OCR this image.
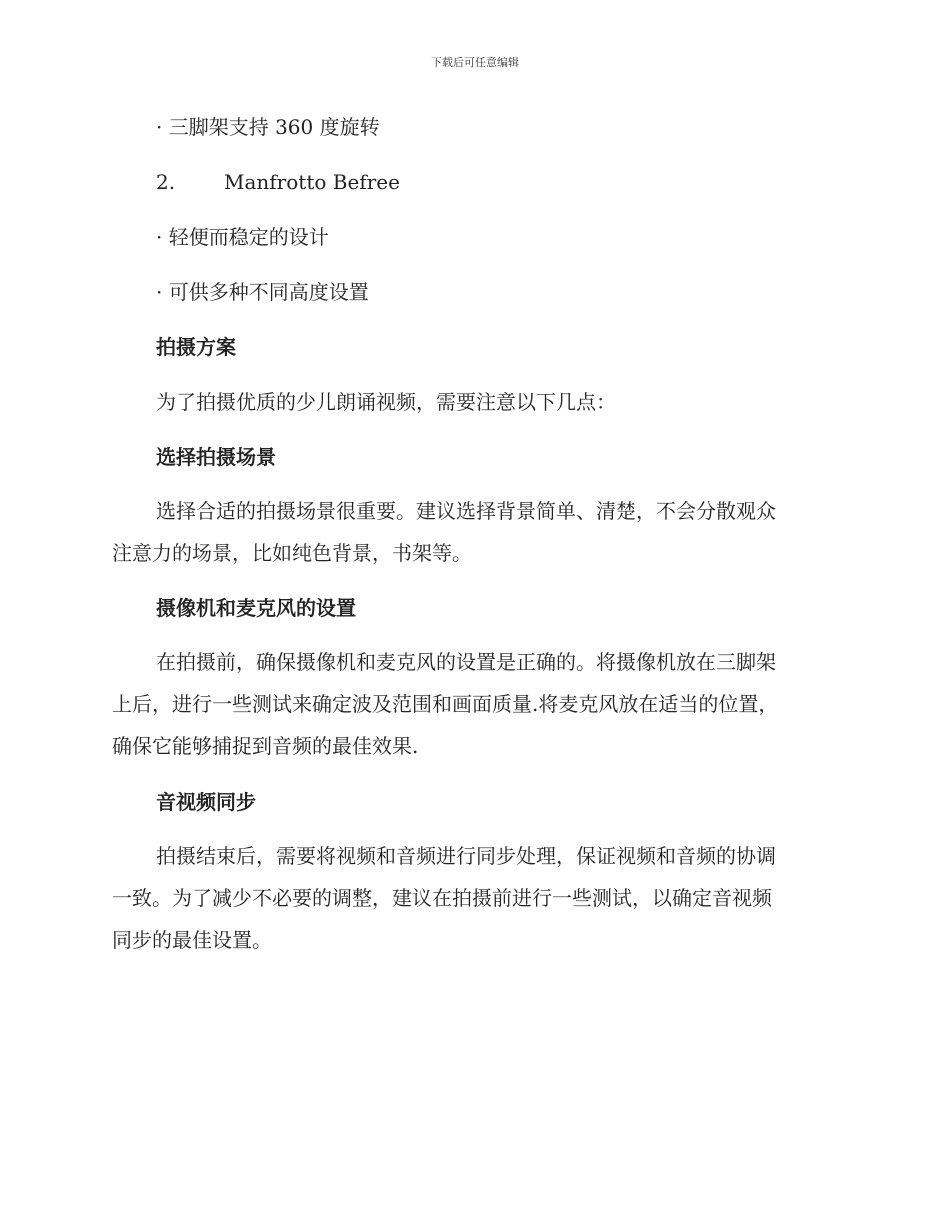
下载后可任意编辑
· 三脚架支持 360 度旋转
2. Manfrotto Befree
· 轻便而稳定的设计
· 可供多种不同高度设置
拍摄方案
为了拍摄优质的少儿朗诵视频，需要注意以下几点：
选择拍摄场景

选择合适的拍摄场景很重要。建议选择背景简单、清楚，不会分散观众

注意力的场景，比如纯色背景，书架等。

摄像机和麦克风的设置

在拍摄前，确保摄像机和麦克风的设置是正确的。将摄像机放在三脚架

上后，进行一些测试来确定波及范围和画面质量.将麦克风放在适当的位置，

确保它能够捕捉到音频的最佳效果.

音视频同步

拍摄结束后，需要将视频和音频进行同步处理，保证视频和音频的协调

一致。为了减少不必要的调整，建议在拍摄前进行一些测试，以确定音视频

同步的最佳设置。
